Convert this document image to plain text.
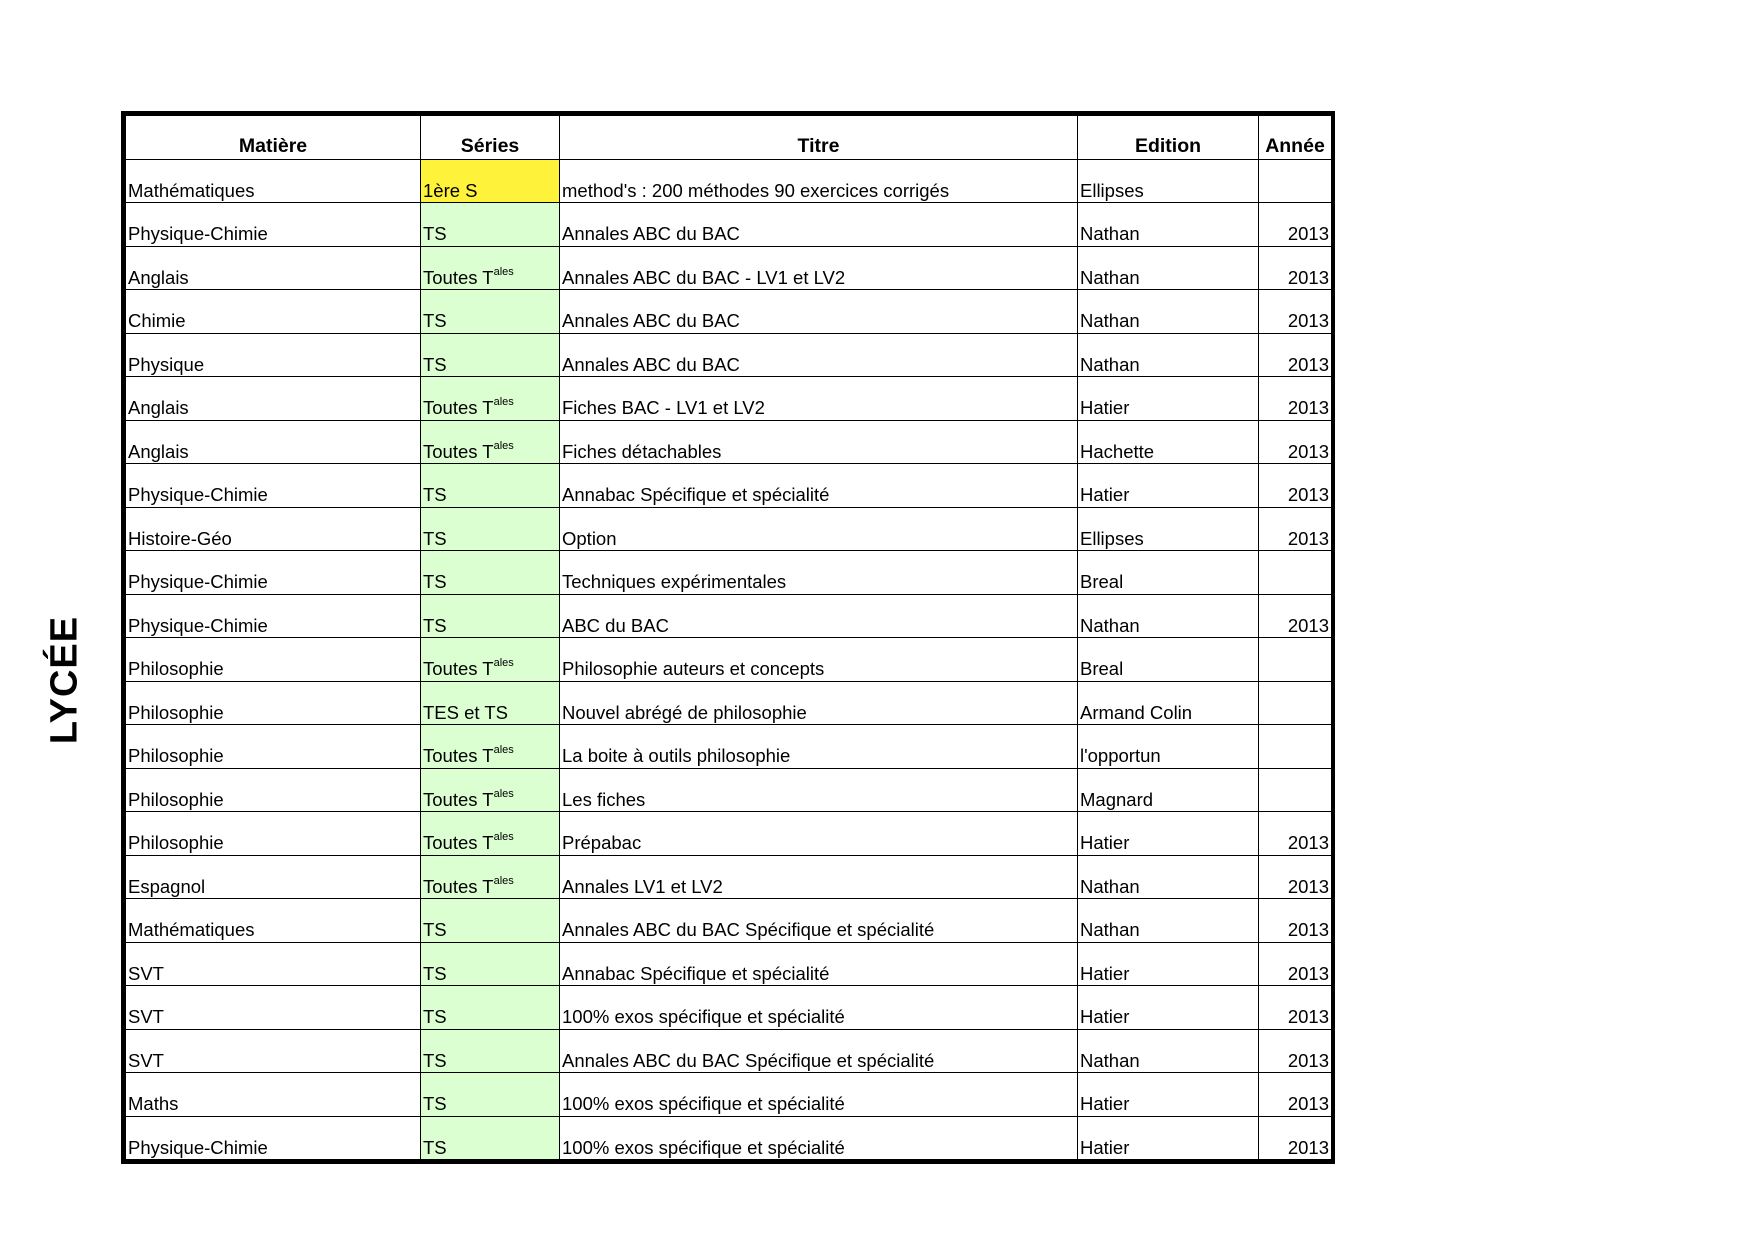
LYCÉE
Matière	Séries	Titre	Edition	Année
Mathématiques	1ère S	method's : 200 méthodes 90 exercices corrigés	Ellipses	
Physique-Chimie	TS	Annales ABC du BAC	Nathan	2013
Anglais	Toutes $T^{ales}$	Annales ABC du BAC - LV1 et LV2	Nathan	2013
Chimie	TS	Annales ABC du BAC	Nathan	2013
Physique	TS	Annales ABC du BAC	Nathan	2013
Anglais	Toutes $T^{ales}$	Fiches BAC - LV1 et LV2	Hatier	2013
Anglais	Toutes $T^{ales}$	Fiches détachables	Hachette	2013
Physique-Chimie	TS	Annabac Spécifique et spécialité	Hatier	2013
Histoire-Géo	TS	Option	Ellipses	2013
Physique-Chimie	TS	Techniques expérimentales	Breal	
Physique-Chimie	TS	ABC du BAC	Nathan	2013
Philosophie	Toutes $T^{ales}$	Philosophie auteurs et concepts	Breal	
Philosophie	TES et TS	Nouvel abrégé de philosophie	Armand Colin	
Philosophie	Toutes $T^{ales}$	La boite à outils philosophie	l'opportun	
Philosophie	Toutes $T^{ales}$	Les fiches	Magnard	
Philosophie	Toutes $T^{ales}$	Prépabac	Hatier	2013
Espagnol	Toutes $T^{ales}$	Annales LV1 et LV2	Nathan	2013
Mathématiques	TS	Annales ABC du BAC Spécifique et spécialité	Nathan	2013
SVT	TS	Annabac Spécifique et spécialité	Hatier	2013
SVT	TS	100% exos spécifique et spécialité	Hatier	2013
SVT	TS	Annales ABC du BAC Spécifique et spécialité	Nathan	2013
Maths	TS	100% exos spécifique et spécialité	Hatier	2013
Physique-Chimie	TS	100% exos spécifique et spécialité	Hatier	2013
